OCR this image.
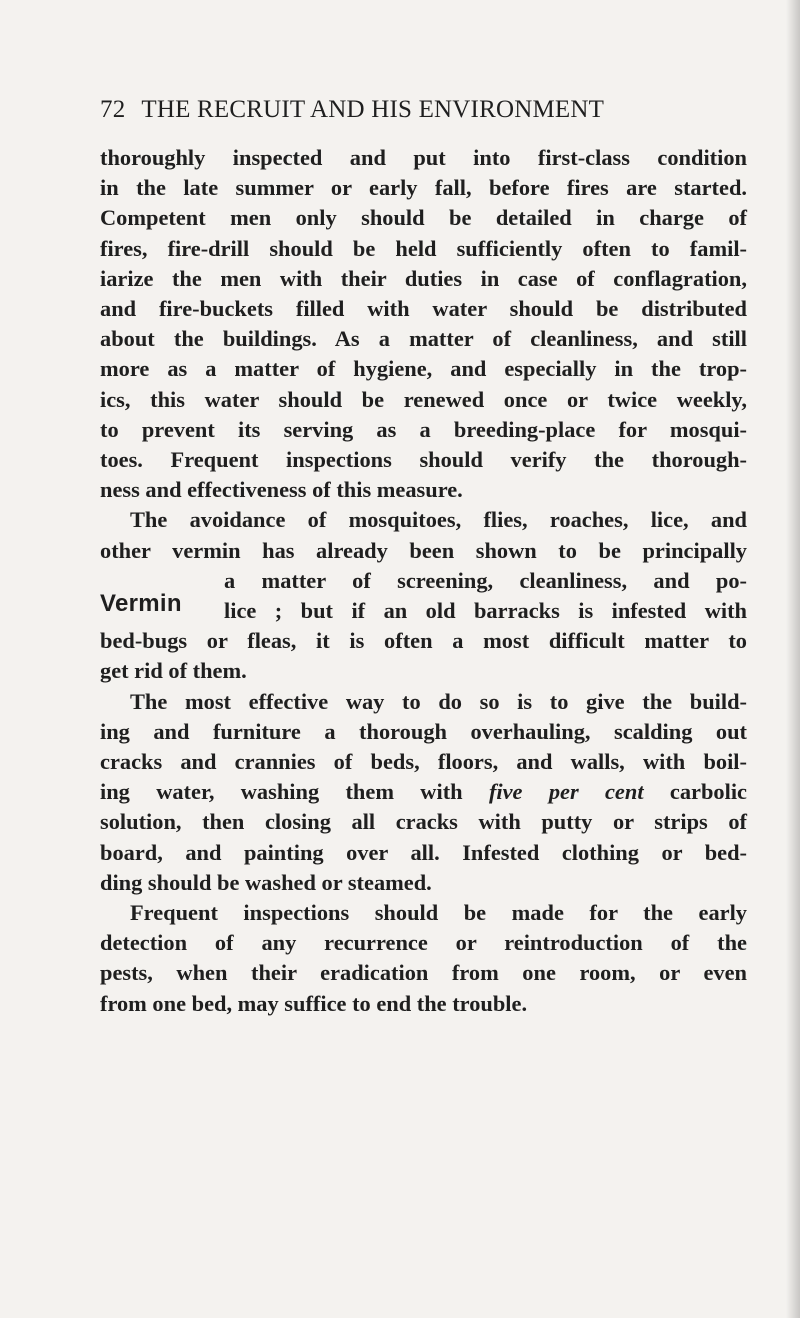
72 THE RECRUIT AND HIS ENVIRONMENT
thoroughly inspected and put into first-class condition
in the late summer or early fall, before fires are started.
Competent men only should be detailed in charge of
fires, fire-drill should be held sufficiently often to famil-
iarize the men with their duties in case of conflagration,
and fire-buckets filled with water should be distributed
about the buildings. As a matter of cleanliness, and still
more as a matter of hygiene, and especially in the trop-
ics, this water should be renewed once or twice weekly,
to prevent its serving as a breeding-place for mosqui-
toes. Frequent inspections should verify the thorough-
ness and effectiveness of this measure.
The avoidance of mosquitoes, flies, roaches, lice, and
other vermin has already been shown to be principally
Vermin
a matter of screening, cleanliness, and po-
lice ; but if an old barracks is infested with
bed-bugs or fleas, it is often a most difficult matter to
get rid of them.
The most effective way to do so is to give the build-
ing and furniture a thorough overhauling, scalding out
cracks and crannies of beds, floors, and walls, with boil-
ing water, washing them with five per cent carbolic
solution, then closing all cracks with putty or strips of
board, and painting over all. Infested clothing or bed-
ding should be washed or steamed.
Frequent inspections should be made for the early
detection of any recurrence or reintroduction of the
pests, when their eradication from one room, or even
from one bed, may suffice to end the trouble.
